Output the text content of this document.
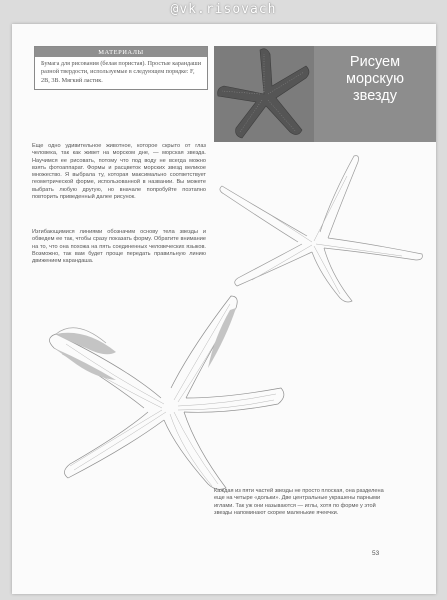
@vk.risovach
МАТЕРИАЛЫ
Бумага для рисования (белая пористая). Простые карандаши разной твердости, используемые в следующем порядке: F, 2B, 3B. Мягкий ластик.
Рисуем
морскую
звезду

Еще одно удивительное животное, которое скрыто от глаз человека, так как живет на морском дне, — морская звезда. Научимся ее рисовать, потому что под воду не всегда можно взять фотоаппарат. Формы и расцветок морских звезд великое множество. Я выбрала ту, которая максимально соответствует геометрической форме, использованной в названии. Вы можете выбрать любую другую, но вначале попробуйте поэтапно повторить приведенный далее рисунок.

Изгибающимися линиями обозначим основу тела звезды и обведем ее так, чтобы сразу показать форму. Обратите внимание на то, что она похожа на пять соединенных человеческих языков. Возможно, так вам будет проще передать правильную линию движением карандаша.

Каждая из пяти частей звезды не просто плоская, она разделена еще на четыре «дольки». Две центральные украшены парными иглами. Так уж они называются — иглы, хотя по форме у этой звезды напоминают скорее маленькие ячеечки.

53
